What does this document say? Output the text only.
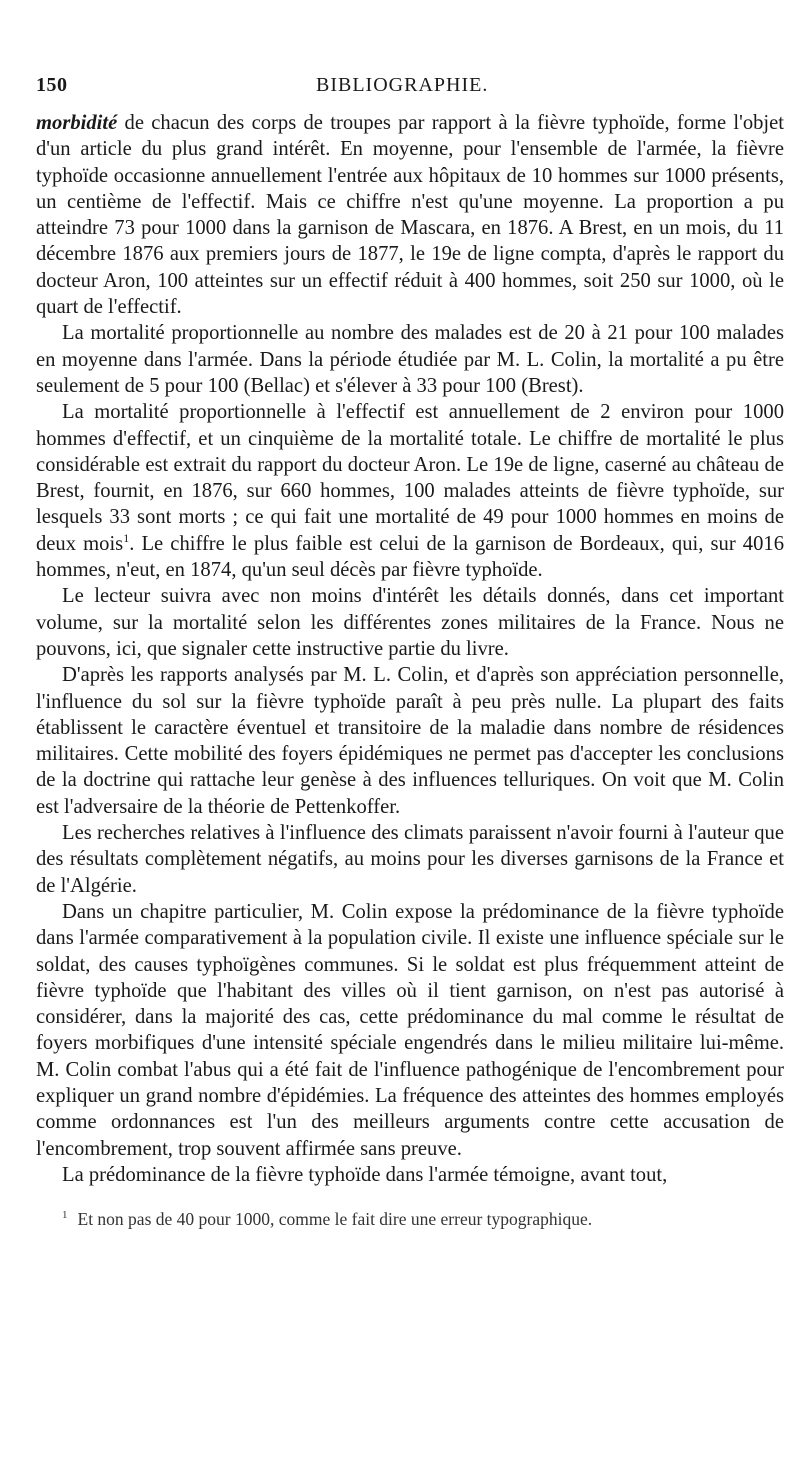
150	BIBLIOGRAPHIE.

morbidité de chacun des corps de troupes par rapport à la fièvre typhoïde, forme l'objet d'un article du plus grand intérêt. En moyenne, pour l'ensemble de l'armée, la fièvre typhoïde occasionne annuellement l'entrée aux hôpitaux de 10 hommes sur 1000 présents, un centième de l'effectif. Mais ce chiffre n'est qu'une moyenne. La proportion a pu atteindre 73 pour 1000 dans la garnison de Mascara, en 1876. A Brest, en un mois, du 11 décembre 1876 aux premiers jours de 1877, le 19e de ligne compta, d'après le rapport du docteur Aron, 100 atteintes sur un effectif réduit à 400 hommes, soit 250 sur 1000, où le quart de l'effectif.

La mortalité proportionnelle au nombre des malades est de 20 à 21 pour 100 malades en moyenne dans l'armée. Dans la période étudiée par M. L. Colin, la mortalité a pu être seulement de 5 pour 100 (Bellac) et s'élever à 33 pour 100 (Brest).

La mortalité proportionnelle à l'effectif est annuellement de 2 environ pour 1000 hommes d'effectif, et un cinquième de la mortalité totale. Le chiffre de mortalité le plus considérable est extrait du rapport du docteur Aron. Le 19e de ligne, caserné au château de Brest, fournit, en 1876, sur 660 hommes, 100 malades atteints de fièvre typhoïde, sur lesquels 33 sont morts ; ce qui fait une mortalité de 49 pour 1000 hommes en moins de deux mois$^1$. Le chiffre le plus faible est celui de la garnison de Bordeaux, qui, sur 4016 hommes, n'eut, en 1874, qu'un seul décès par fièvre typhoïde.

Le lecteur suivra avec non moins d'intérêt les détails donnés, dans cet important volume, sur la mortalité selon les différentes zones militaires de la France. Nous ne pouvons, ici, que signaler cette instructive partie du livre.

D'après les rapports analysés par M. L. Colin, et d'après son appréciation personnelle, l'influence du sol sur la fièvre typhoïde paraît à peu près nulle. La plupart des faits établissent le caractère éventuel et transitoire de la maladie dans nombre de résidences militaires. Cette mobilité des foyers épidémiques ne permet pas d'accepter les conclusions de la doctrine qui rattache leur genèse à des influences telluriques. On voit que M. Colin est l'adversaire de la théorie de Pettenkoffer.

Les recherches relatives à l'influence des climats paraissent n'avoir fourni à l'auteur que des résultats complètement négatifs, au moins pour les diverses garnisons de la France et de l'Algérie.

Dans un chapitre particulier, M. Colin expose la prédominance de la fièvre typhoïde dans l'armée comparativement à la population civile. Il existe une influence spéciale sur le soldat, des causes typhoïgènes communes. Si le soldat est plus fréquemment atteint de fièvre typhoïde que l'habitant des villes où il tient garnison, on n'est pas autorisé à considérer, dans la majorité des cas, cette prédominance du mal comme le résultat de foyers morbifiques d'une intensité spéciale engendrés dans le milieu militaire lui-même. M. Colin combat l'abus qui a été fait de l'influence pathogénique de l'encombrement pour expliquer un grand nombre d'épidémies. La fréquence des atteintes des hommes employés comme ordonnances est l'un des meilleurs arguments contre cette accusation de l'encombrement, trop souvent affirmée sans preuve.

La prédominance de la fièvre typhoïde dans l'armée témoigne, avant tout,

$^1$ Et non pas de 40 pour 1000, comme le fait dire une erreur typographique.
